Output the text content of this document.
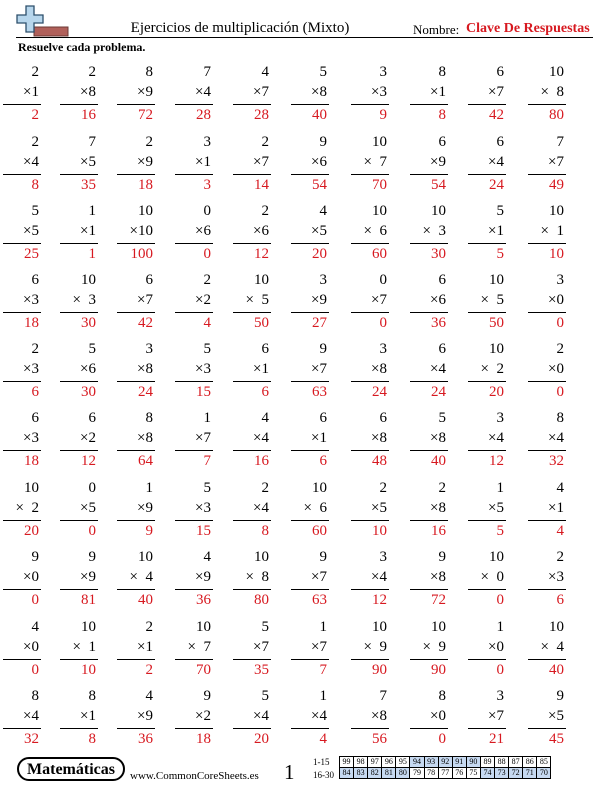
Ejercicios de multiplicación (Mixto)	Nombre: Clave De Respuestas
Resuelve cada problema.
2
×1
2
2
×8
16
8
×9
72
7
×4
28
4
×7
28
5
×8
40
3
×3
9
8
×1
8
6
×7
42
10
×  8
80
2
×4
8
7
×5
35
2
×9
18
3
×1
3
2
×7
14
9
×6
54
10
×  7
70
6
×9
54
6
×4
24
7
×7
49
5
×5
25
1
×1
1
10
×10
100
0
×6
0
2
×6
12
4
×5
20
10
×  6
60
10
×  3
30
5
×1
5
10
×  1
10
6
×3
18
10
×  3
30
6
×7
42
2
×2
4
10
×  5
50
3
×9
27
0
×7
0
6
×6
36
10
×  5
50
3
×0
0
2
×3
6
5
×6
30
3
×8
24
5
×3
15
6
×1
6
9
×7
63
3
×8
24
6
×4
24
10
×  2
20
2
×0
0
6
×3
18
6
×2
12
8
×8
64
1
×7
7
4
×4
16
6
×1
6
6
×8
48
5
×8
40
3
×4
12
8
×4
32
10
×  2
20
0
×5
0
1
×9
9
5
×3
15
2
×4
8
10
×  6
60
2
×5
10
2
×8
16
1
×5
5
4
×1
4
9
×0
0
9
×9
81
10
×  4
40
4
×9
36
10
×  8
80
9
×7
63
3
×4
12
9
×8
72
10
×  0
0
2
×3
6
4
×0
0
10
×  1
10
2
×1
2
10
×  7
70
5
×7
35
1
×7
7
10
×  9
90
10
×  9
90
1
×0
0
10
×  4
40
8
×4
32
8
×1
8
4
×9
36
9
×2
18
5
×4
20
1
×4
4
7
×8
56
8
×0
0
3
×7
21
9
×5
45
Matemáticas	www.CommonCoreSheets.es 1 1-15
16-30
99	98	97	96	95	94	93	92	91	90	89	88	87	86	85
84	83	82	81	80	79	78	77	76	75	74	73	72	71	70
